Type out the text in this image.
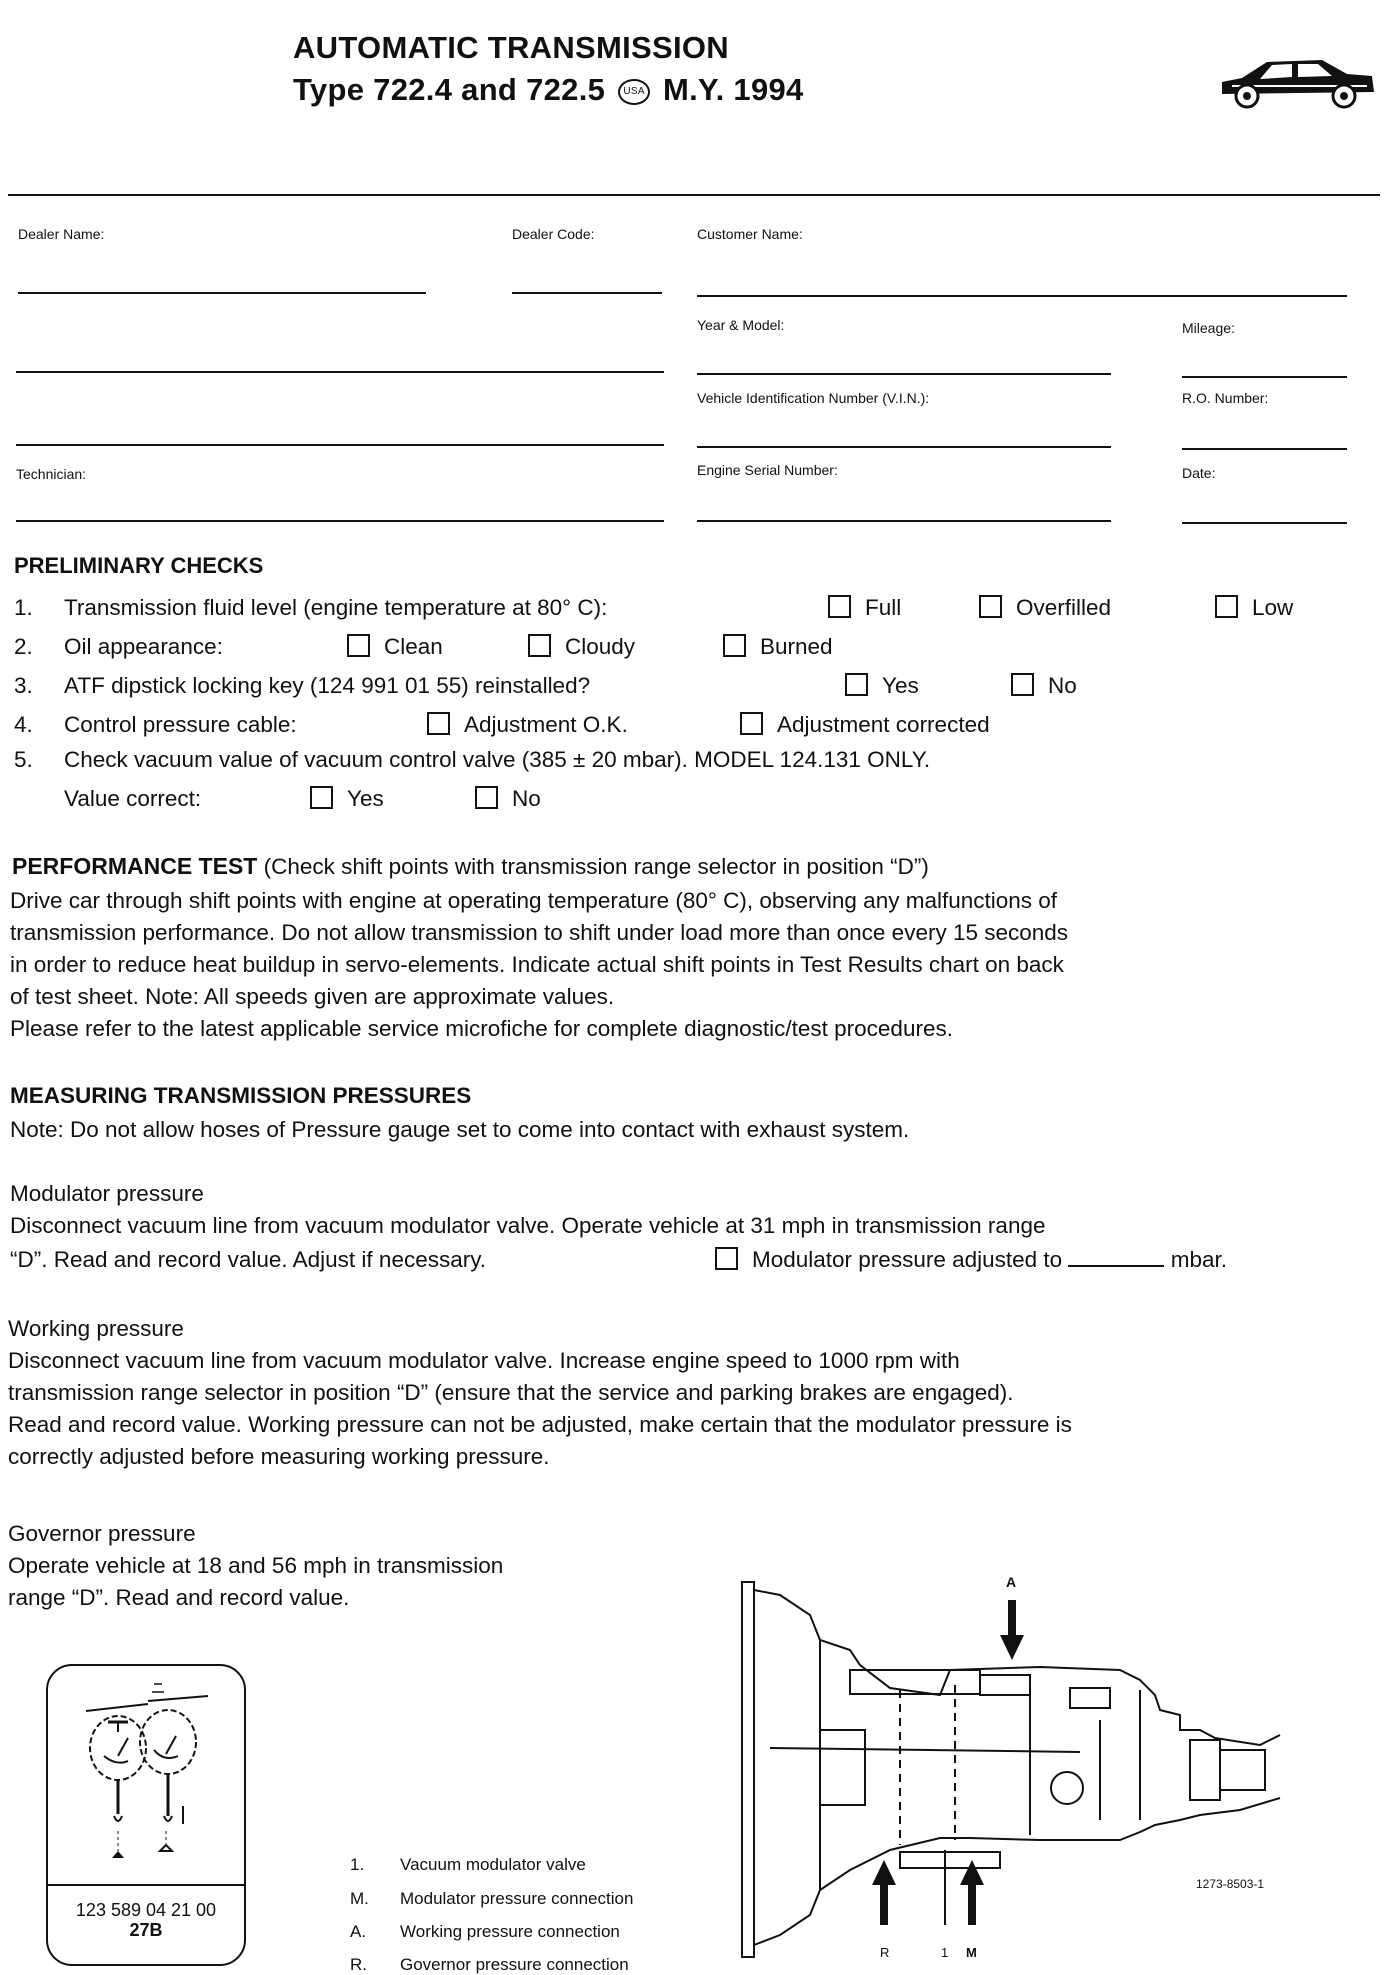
AUTOMATIC TRANSMISSION
Type 722.4 and 722.5 USA M.Y. 1994
Dealer Name:	Dealer Code:	Customer Name:
Year & Model:	Mileage:
Vehicle Identification Number (V.I.N.):	R.O. Number:
Technician:	Engine Serial Number:	Date:
PRELIMINARY CHECKS
1. Transmission fluid level (engine temperature at 80° C):	Full	Overfilled	Low
2. Oil appearance:	Clean	Cloudy	Burned
3. ATF dipstick locking key (124 991 01 55) reinstalled?	Yes	No
4. Control pressure cable:	Adjustment O.K.	Adjustment corrected
5. Check vacuum value of vacuum control valve (385 ± 20 mbar). MODEL 124.131 ONLY.
Value correct:	Yes	No
PERFORMANCE TEST (Check shift points with transmission range selector in position “D”)
Drive car through shift points with engine at operating temperature (80° C), observing any malfunctions of
transmission performance. Do not allow transmission to shift under load more than once every 15 seconds
in order to reduce heat buildup in servo-elements. Indicate actual shift points in Test Results chart on back
of test sheet. Note: All speeds given are approximate values.
Please refer to the latest applicable service microfiche for complete diagnostic/test procedures.
MEASURING TRANSMISSION PRESSURES
Note: Do not allow hoses of Pressure gauge set to come into contact with exhaust system.
Modulator pressure
Disconnect vacuum line from vacuum modulator valve. Operate vehicle at 31 mph in transmission range
“D”. Read and record value. Adjust if necessary.	Modulator pressure adjusted to	mbar.
Working pressure
Disconnect vacuum line from vacuum modulator valve. Increase engine speed to 1000 rpm with
transmission range selector in position “D” (ensure that the service and parking brakes are engaged).
Read and record value. Working pressure can not be adjusted, make certain that the modulator pressure is
correctly adjusted before measuring working pressure.
Governor pressure
Operate vehicle at 18 and 56 mph in transmission
range “D”. Read and record value.
123 589 04 21 00
27B
1. Vacuum modulator valve
M. Modulator pressure connection
A. Working pressure connection
R. Governor pressure connection
A
R	1 M
1273-8503-1
